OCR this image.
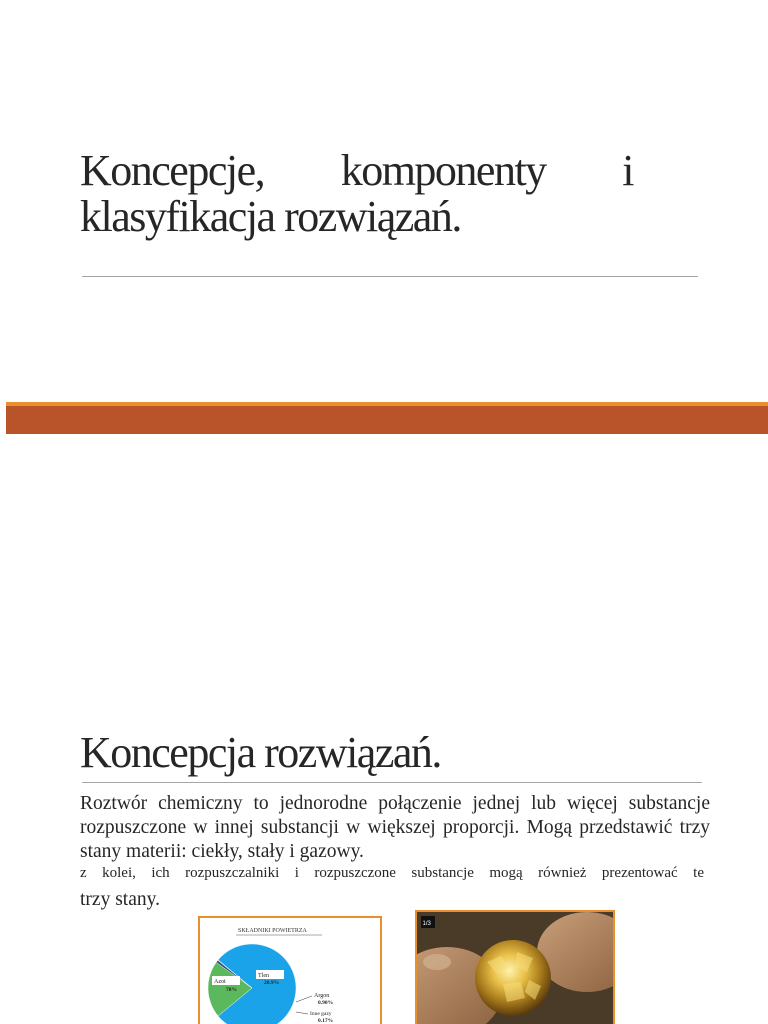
Koncepcje, komponenty i
klasyfikacja rozwiązań.
Koncepcja rozwiązań.

Roztwór chemiczny to jednorodne połączenie jednej lub więcej substancje rozpuszczone w innej substancji w większej proporcji. Mogą przedstawić trzy stany materii: ciekły, stały i gazowy.

z kolei, ich rozpuszczalniki i rozpuszczone substancje mogą również prezentować te

trzy stany.

SKŁADNIKI POWIETRZA
Azot
78%
Tlen
20.9%
Argon
0.90%
Inne gazy
0.17%
1/3
